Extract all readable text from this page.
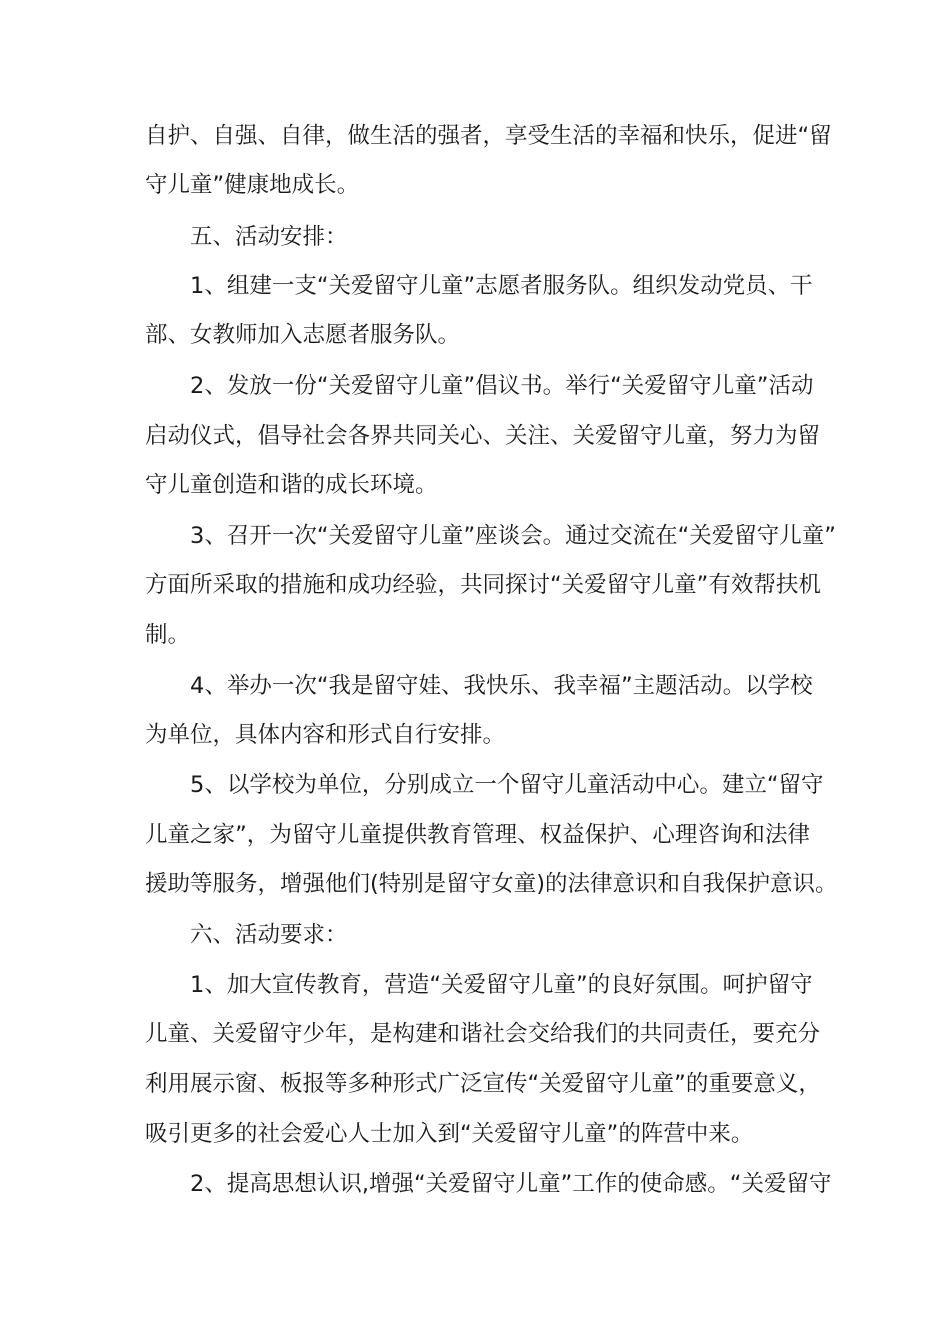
自护、自强、自律，做生活的强者，享受生活的幸福和快乐，促进“留
守儿童”健康地成长。
五、活动安排：
1、组建一支“关爱留守儿童”志愿者服务队。组织发动党员、干
部、女教师加入志愿者服务队。
2、发放一份“关爱留守儿童”倡议书。举行“关爱留守儿童”活动
启动仪式，倡导社会各界共同关心、关注、关爱留守儿童，努力为留
守儿童创造和谐的成长环境。
3、召开一次“关爱留守儿童”座谈会。通过交流在“关爱留守儿童”
方面所采取的措施和成功经验，共同探讨“关爱留守儿童”有效帮扶机
制。
4、举办一次“我是留守娃、我快乐、我幸福”主题活动。以学校
为单位，具体内容和形式自行安排。
5、以学校为单位，分别成立一个留守儿童活动中心。建立“留守
儿童之家”，为留守儿童提供教育管理、权益保护、心理咨询和法律
援助等服务，增强他们(特别是留守女童)的法律意识和自我保护意识。
六、活动要求：
1、加大宣传教育，营造“关爱留守儿童”的良好氛围。呵护留守
儿童、关爱留守少年，是构建和谐社会交给我们的共同责任，要充分
利用展示窗、板报等多种形式广泛宣传“关爱留守儿童”的重要意义，
吸引更多的社会爱心人士加入到“关爱留守儿童”的阵营中来。
2、提高思想认识,增强“关爱留守儿童”工作的使命感。“关爱留守
